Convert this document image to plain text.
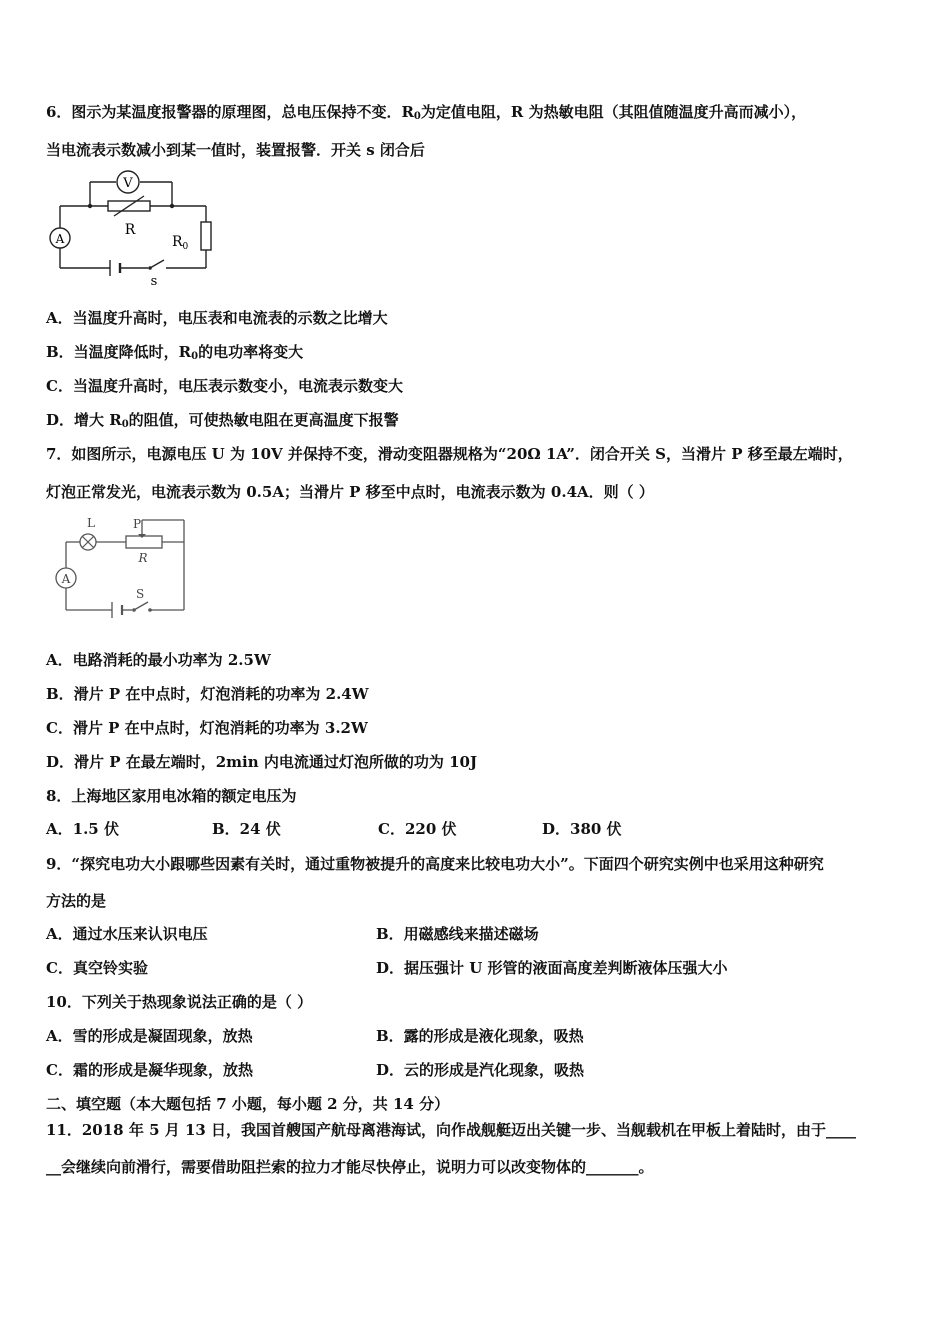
6．图示为某温度报警器的原理图，总电压保持不变．$R_0$为定值电阻，R 为热敏电阻（其阻值随温度升高而减小），
当电流表示数减小到某一值时，装置报警．开关 s 闭合后
V
R
$R_0$
A
s
A．当温度升高时，电压表和电流表的示数之比增大
B．当温度降低时，$R_0$的电功率将变大
C．当温度升高时，电压表示数变小，电流表示数变大
D．增大 $R_0$的阻值，可使热敏电阻在更高温度下报警
7．如图所示，电源电压 U 为 10V 并保持不变，滑动变阻器规格为“20Ω 1A”．闭合开关 S，当滑片 P 移至最左端时，
灯泡正常发光，电流表示数为 0.5A；当滑片 P 移至中点时，电流表示数为 0.4A．则（ ）
L	P
R
A
S
A．电路消耗的最小功率为 2.5W
B．滑片 P 在中点时，灯泡消耗的功率为 2.4W
C．滑片 P 在中点时，灯泡消耗的功率为 3.2W
D．滑片 P 在最左端时，2min 内电流通过灯泡所做的功为 10J
8．上海地区家用电冰箱的额定电压为
A．1.5 伏	B．24 伏	C．220 伏	D．380 伏
9．“探究电功大小跟哪些因素有关时，通过重物被提升的高度来比较电功大小”。下面四个研究实例中也采用这种研究
方法的是
A．通过水压来认识电压	B．用磁感线来描述磁场
C．真空铃实验	D．据压强计 U 形管的液面高度差判断液体压强大小
10．下列关于热现象说法正确的是（ ）
A．雪的形成是凝固现象，放热	B．露的形成是液化现象，吸热
C．霜的形成是凝华现象，放热	D．云的形成是汽化现象，吸热
二、填空题（本大题包括 7 小题，每小题 2 分，共 14 分）
11．2018 年 5 月 13 日，我国首艘国产航母离港海试，向作战舰艇迈出关键一步、当舰载机在甲板上着陆时，由于____
__会继续向前滑行，需要借助阻拦索的拉力才能尽快停止，说明力可以改变物体的_______。
